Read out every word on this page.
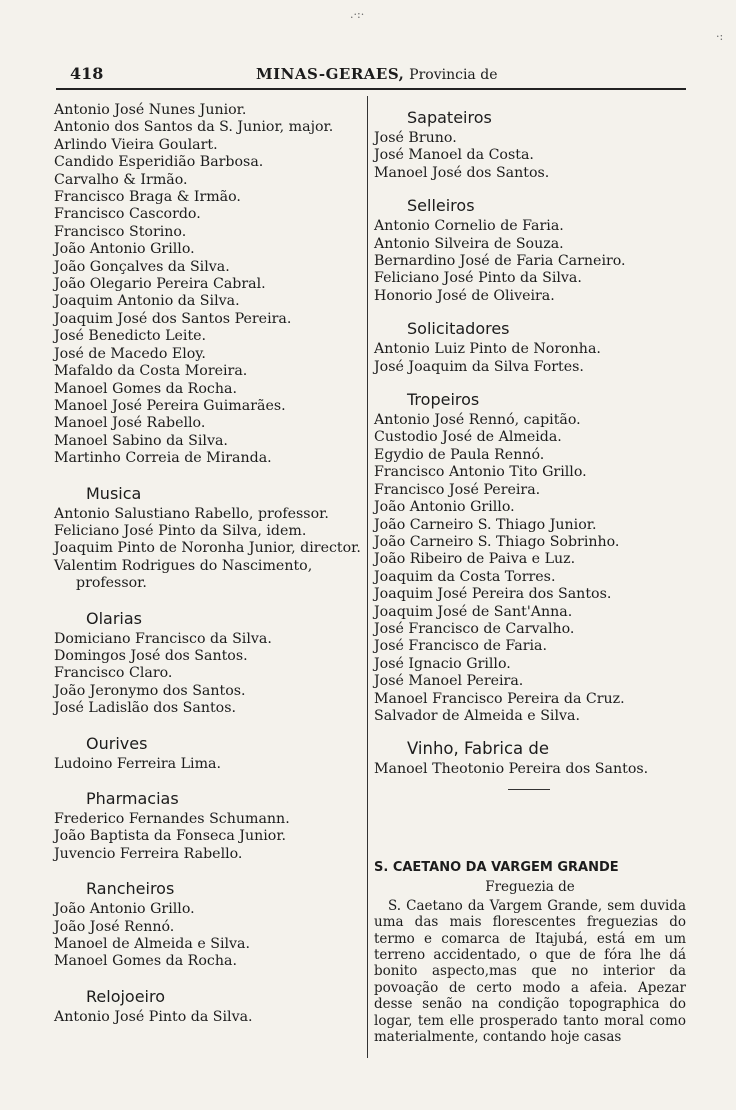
.·:·
·:
418	MINAS-GERAES, Provincia de
Antonio José Nunes Junior.
Antonio dos Santos da S. Junior, major.
Arlindo Vieira Goulart.
Candido Esperidião Barbosa.
Carvalho & Irmão.
Francisco Braga & Irmão.
Francisco Cascordo.
Francisco Storino.
João Antonio Grillo.
João Gonçalves da Silva.
João Olegario Pereira Cabral.
Joaquim Antonio da Silva.
Joaquim José dos Santos Pereira.
José Benedicto Leite.
José de Macedo Eloy.
Mafaldo da Costa Moreira.
Manoel Gomes da Rocha.
Manoel José Pereira Guimarães.
Manoel José Rabello.
Manoel Sabino da Silva.
Martinho Correia de Miranda.
Musica
Antonio Salustiano Rabello, professor.
Feliciano José Pinto da Silva, idem.
Joaquim Pinto de Noronha Junior, director.
Valentim Rodrigues do Nascimento, professor.
Olarias
Domiciano Francisco da Silva.
Domingos José dos Santos.
Francisco Claro.
João Jeronymo dos Santos.
José Ladislão dos Santos.
Ourives
Ludoino Ferreira Lima.
Pharmacias
Frederico Fernandes Schumann.
João Baptista da Fonseca Junior.
Juvencio Ferreira Rabello.
Rancheiros
João Antonio Grillo.
João José Rennó.
Manoel de Almeida e Silva.
Manoel Gomes da Rocha.
Relojoeiro
Antonio José Pinto da Silva.
Sapateiros
José Bruno.
José Manoel da Costa.
Manoel José dos Santos.
Selleiros
Antonio Cornelio de Faria.
Antonio Silveira de Souza.
Bernardino José de Faria Carneiro.
Feliciano José Pinto da Silva.
Honorio José de Oliveira.
Solicitadores
Antonio Luiz Pinto de Noronha.
José Joaquim da Silva Fortes.
Tropeiros
Antonio José Rennó, capitão.
Custodio José de Almeida.
Egydio de Paula Rennó.
Francisco Antonio Tito Grillo.
Francisco José Pereira.
João Antonio Grillo.
João Carneiro S. Thiago Junior.
João Carneiro S. Thiago Sobrinho.
João Ribeiro de Paiva e Luz.
Joaquim da Costa Torres.
Joaquim José Pereira dos Santos.
Joaquim José de Sant'Anna.
José Francisco de Carvalho.
José Francisco de Faria.
José Ignacio Grillo.
José Manoel Pereira.
Manoel Francisco Pereira da Cruz.
Salvador de Almeida e Silva.
Vinho, Fabrica de
Manoel Theotonio Pereira dos Santos.
S. CAETANO DA VARGEM GRANDE
Freguezia de
S. Caetano da Vargem Grande, sem duvida uma das mais florescentes freguezias do termo e comarca de Itajubá, está em um terreno accidentado, o que de fóra lhe dá bonito aspecto,mas que no interior da povoação de certo modo a afeia. Apezar desse senão na condição topographica do logar, tem elle prosperado tanto moral como materialmente, contando hoje casas
